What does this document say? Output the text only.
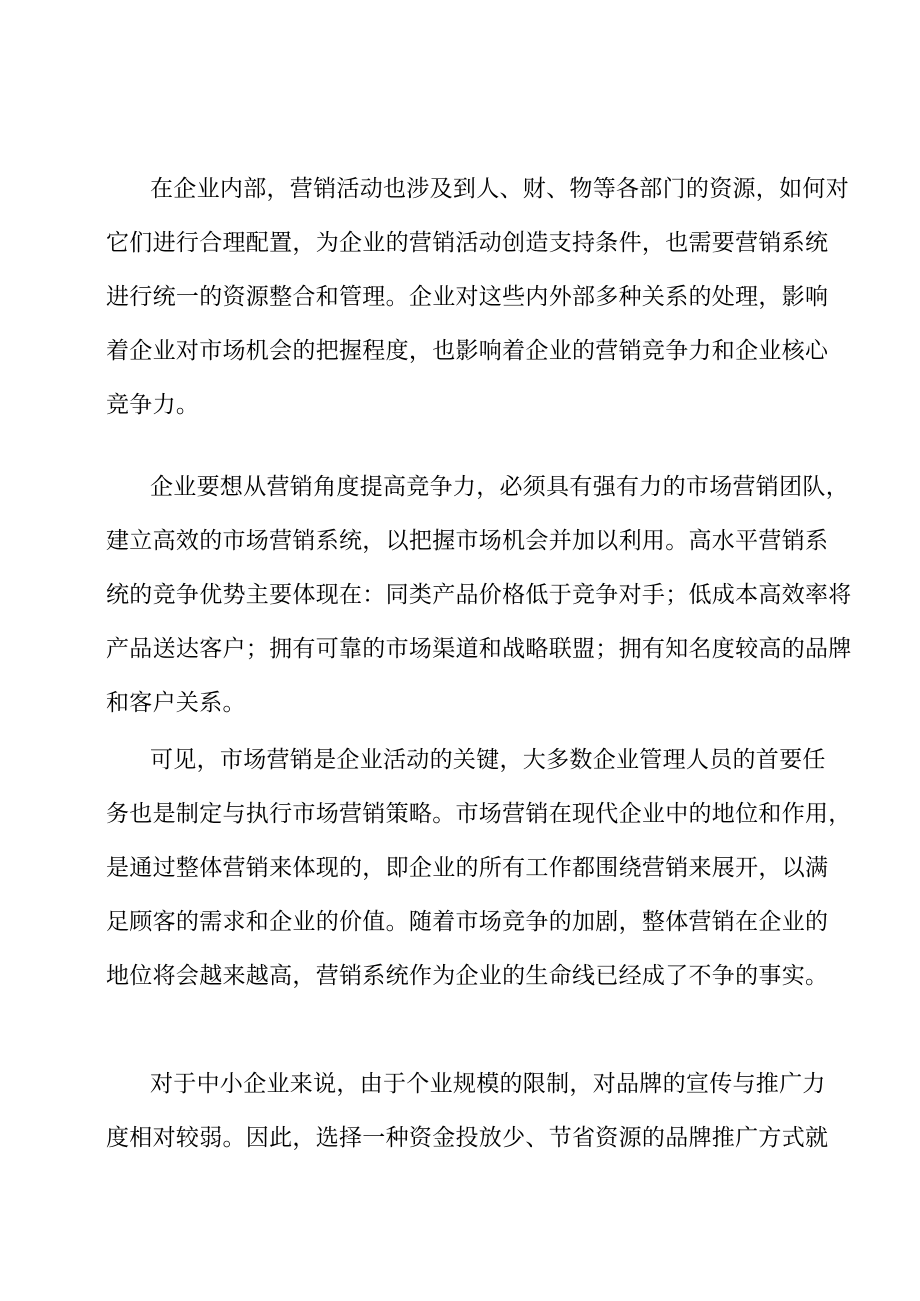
在企业内部，营销活动也涉及到人、财、物等各部门的资源，如何对
它们进行合理配置，为企业的营销活动创造支持条件，也需要营销系统
进行统一的资源整合和管理。企业对这些内外部多种关系的处理，影响
着企业对市场机会的把握程度，也影响着企业的营销竞争力和企业核心
竞争力。

企业要想从营销角度提高竞争力，必须具有强有力的市场营销团队，
建立高效的市场营销系统，以把握市场机会并加以利用。高水平营销系
统的竞争优势主要体现在：同类产品价格低于竞争对手；低成本高效率将
产品送达客户；拥有可靠的市场渠道和战略联盟；拥有知名度较高的品牌
和客户关系。

可见，市场营销是企业活动的关键，大多数企业管理人员的首要任
务也是制定与执行市场营销策略。市场营销在现代企业中的地位和作用，
是通过整体营销来体现的，即企业的所有工作都围绕营销来展开，以满
足顾客的需求和企业的价值。随着市场竞争的加剧，整体营销在企业的
地位将会越来越高，营销系统作为企业的生命线已经成了不争的事实。

对于中小企业来说，由于个业规模的限制，对品牌的宣传与推广力
度相对较弱。因此，选择一种资金投放少、节省资源的品牌推广方式就
